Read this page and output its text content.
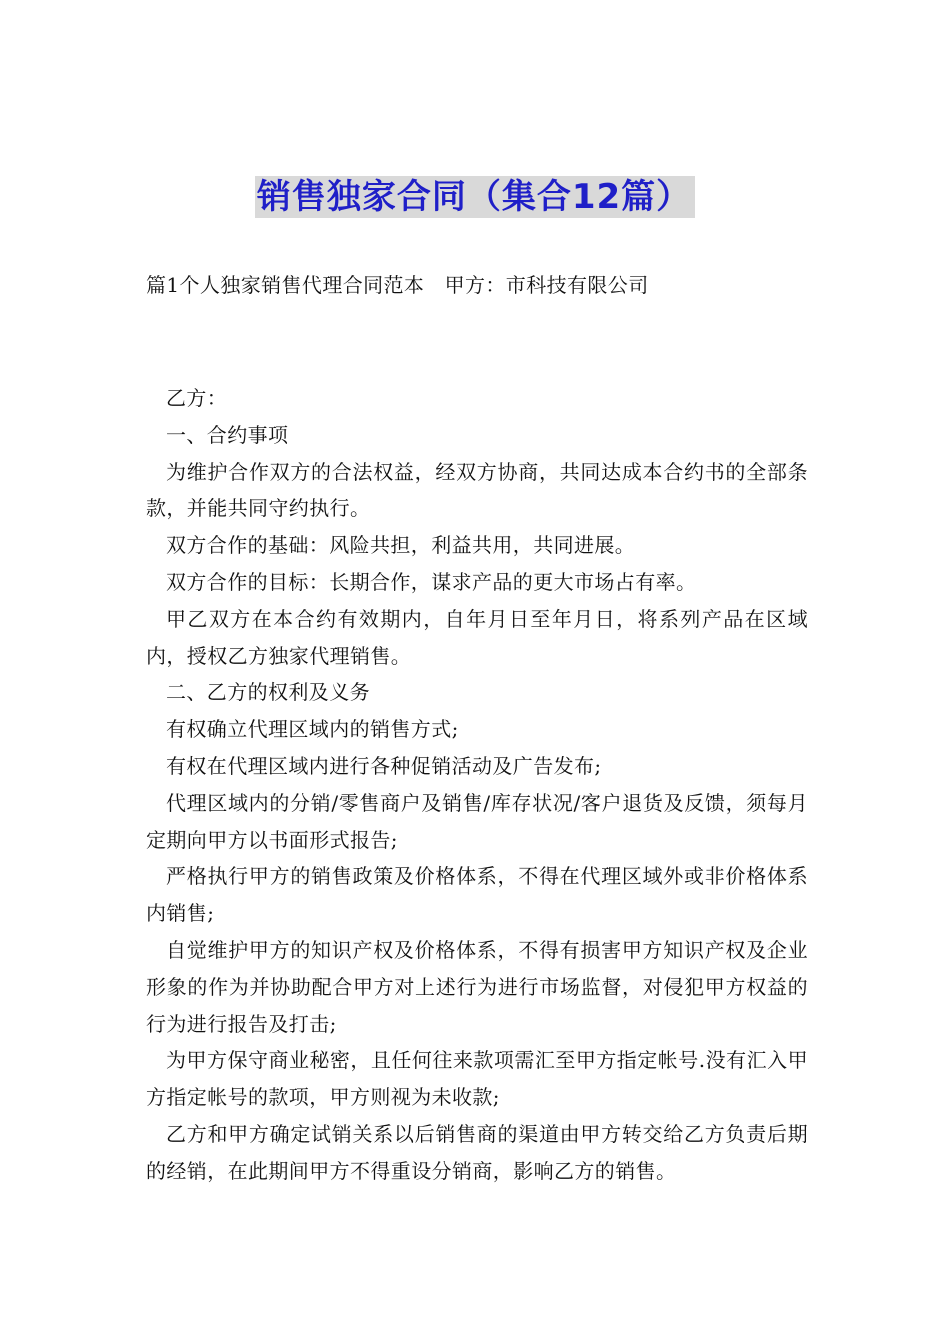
销售独家合同（集合12篇）
篇1个人独家销售代理合同范本   甲方：市科技有限公司

乙方：

一、合约事项

为维护合作双方的合法权益，经双方协商，共同达成本合约书的全部条款，并能共同守约执行。

双方合作的基础：风险共担，利益共用，共同进展。

双方合作的目标：长期合作，谋求产品的更大市场占有率。

甲乙双方在本合约有效期内，自年月日至年月日，将系列产品在区域内，授权乙方独家代理销售。

二、乙方的权利及义务

有权确立代理区域内的销售方式;

有权在代理区域内进行各种促销活动及广告发布;

代理区域内的分销/零售商户及销售/库存状况/客户退货及反馈，须每月定期向甲方以书面形式报告;

严格执行甲方的销售政策及价格体系，不得在代理区域外或非价格体系内销售;

自觉维护甲方的知识产权及价格体系，不得有损害甲方知识产权及企业形象的作为并协助配合甲方对上述行为进行市场监督，对侵犯甲方权益的行为进行报告及打击;

为甲方保守商业秘密，且任何往来款项需汇至甲方指定帐号.没有汇入甲方指定帐号的款项，甲方则视为未收款;

乙方和甲方确定试销关系以后销售商的渠道由甲方转交给乙方负责后期的经销，在此期间甲方不得重设分销商，影响乙方的销售。
